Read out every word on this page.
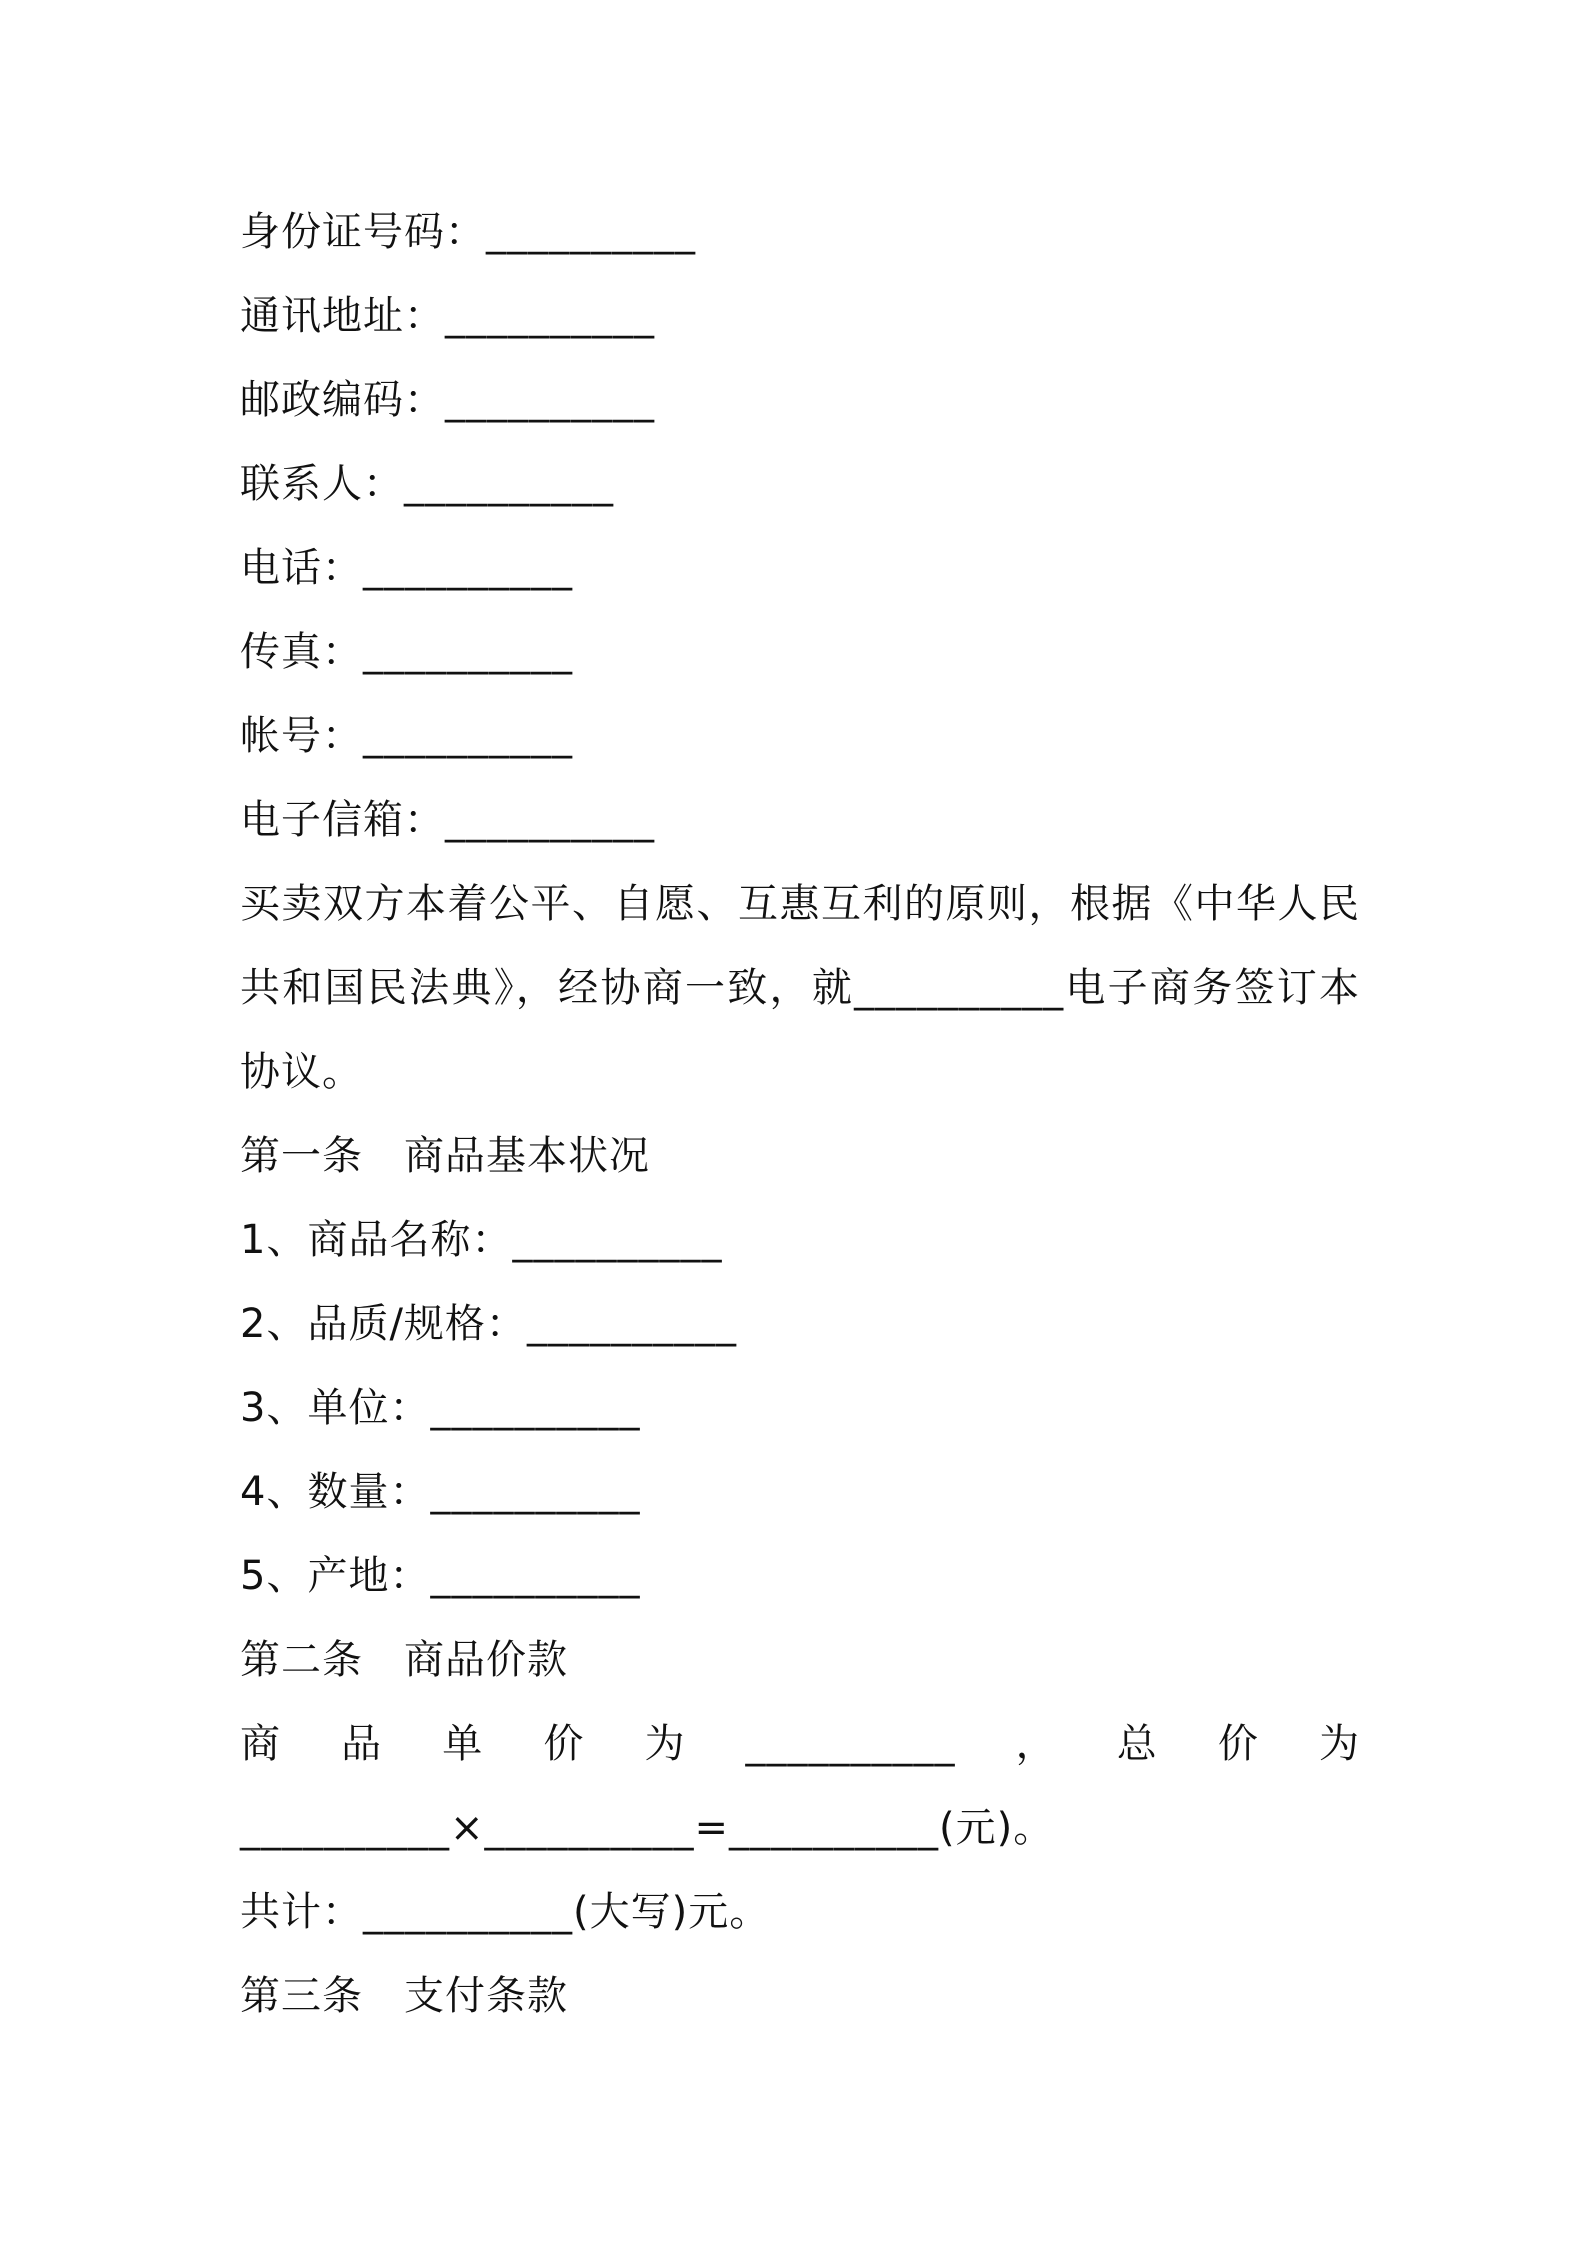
身份证号码：__________
通讯地址：__________
邮政编码：__________
联系人：__________
电话：__________
传真：__________
帐号：__________
电子信箱：__________
买卖双方本着公平、自愿、互惠互利的原则，根据《中华人民共和国民法典》，经协商一致，就__________电子商务签订本协议。
第一条　商品基本状况
1、商品名称：__________
2、品质/规格：__________
3、单位：__________
4、数量：__________
5、产地：__________
第二条　商品价款
商品单价为__________，总价为__________×__________=__________(元)。
共计：__________(大写)元。
第三条　支付条款
